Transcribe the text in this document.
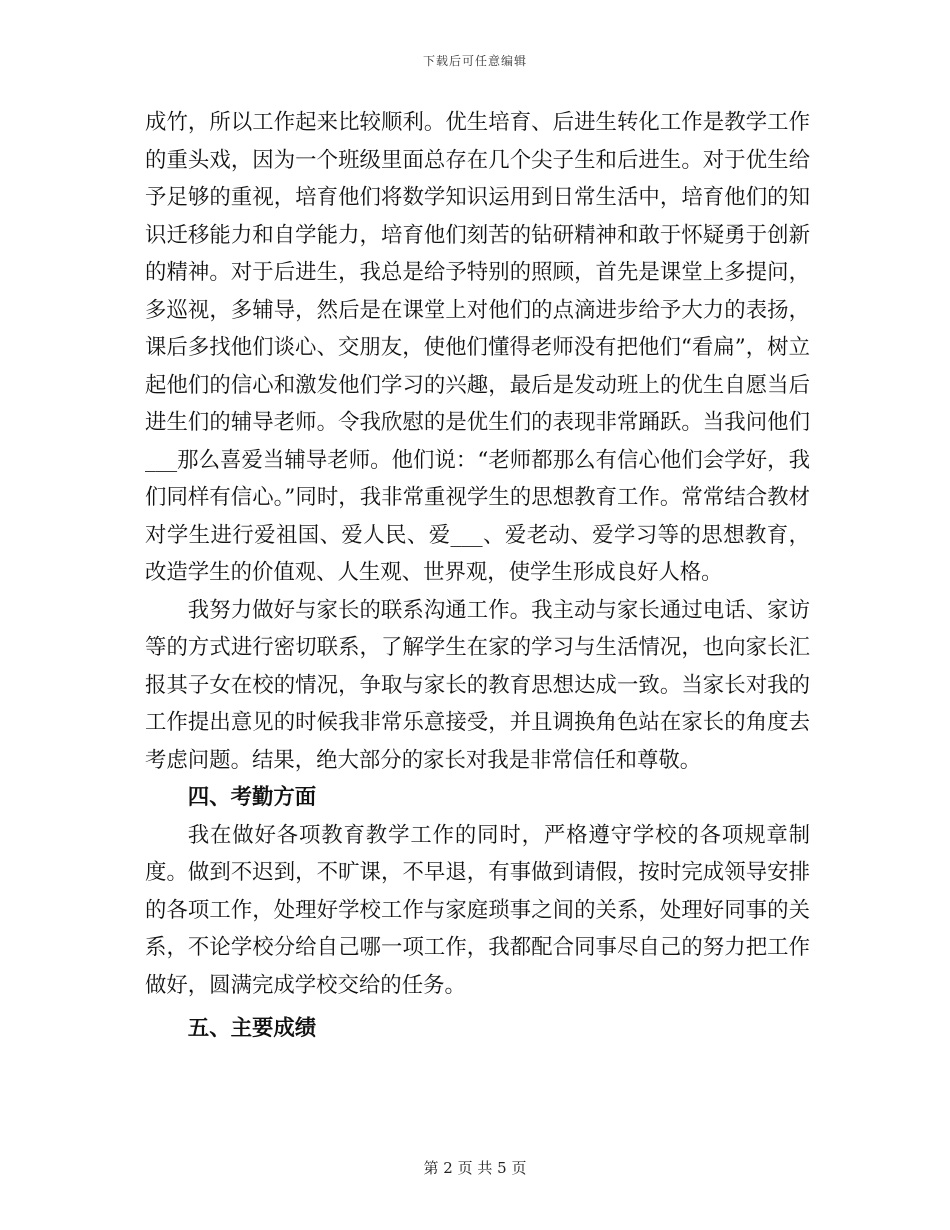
下载后可任意编辑

成竹，所以工作起来比较顺利。优生培育、后进生转化工作是教学工作的重头戏，因为一个班级里面总存在几个尖子生和后进生。对于优生给予足够的重视，培育他们将数学知识运用到日常生活中，培育他们的知识迁移能力和自学能力，培育他们刻苦的钻研精神和敢于怀疑勇于创新的精神。对于后进生，我总是给予特别的照顾，首先是课堂上多提问，多巡视，多辅导，然后是在课堂上对他们的点滴进步给予大力的表扬，课后多找他们谈心、交朋友，使他们懂得老师没有把他们“看扁”，树立起他们的信心和激发他们学习的兴趣，最后是发动班上的优生自愿当后进生们的辅导老师。令我欣慰的是优生们的表现非常踊跃。当我问他们___那么喜爱当辅导老师。他们说：“老师都那么有信心他们会学好，我们同样有信心。”同时，我非常重视学生的思想教育工作。常常结合教材对学生进行爱祖国、爱人民、爱___、爱老动、爱学习等的思想教育，改造学生的价值观、人生观、世界观，使学生形成良好人格。

我努力做好与家长的联系沟通工作。我主动与家长通过电话、家访等的方式进行密切联系，了解学生在家的学习与生活情况，也向家长汇报其子女在校的情况，争取与家长的教育思想达成一致。当家长对我的工作提出意见的时候我非常乐意接受，并且调换角色站在家长的角度去考虑问题。结果，绝大部分的家长对我是非常信任和尊敬。

四、考勤方面

我在做好各项教育教学工作的同时，严格遵守学校的各项规章制度。做到不迟到，不旷课，不早退，有事做到请假，按时完成领导安排的各项工作，处理好学校工作与家庭琐事之间的关系，处理好同事的关系，不论学校分给自己哪一项工作，我都配合同事尽自己的努力把工作做好，圆满完成学校交给的任务。

五、主要成绩

第 2 页 共 5 页
